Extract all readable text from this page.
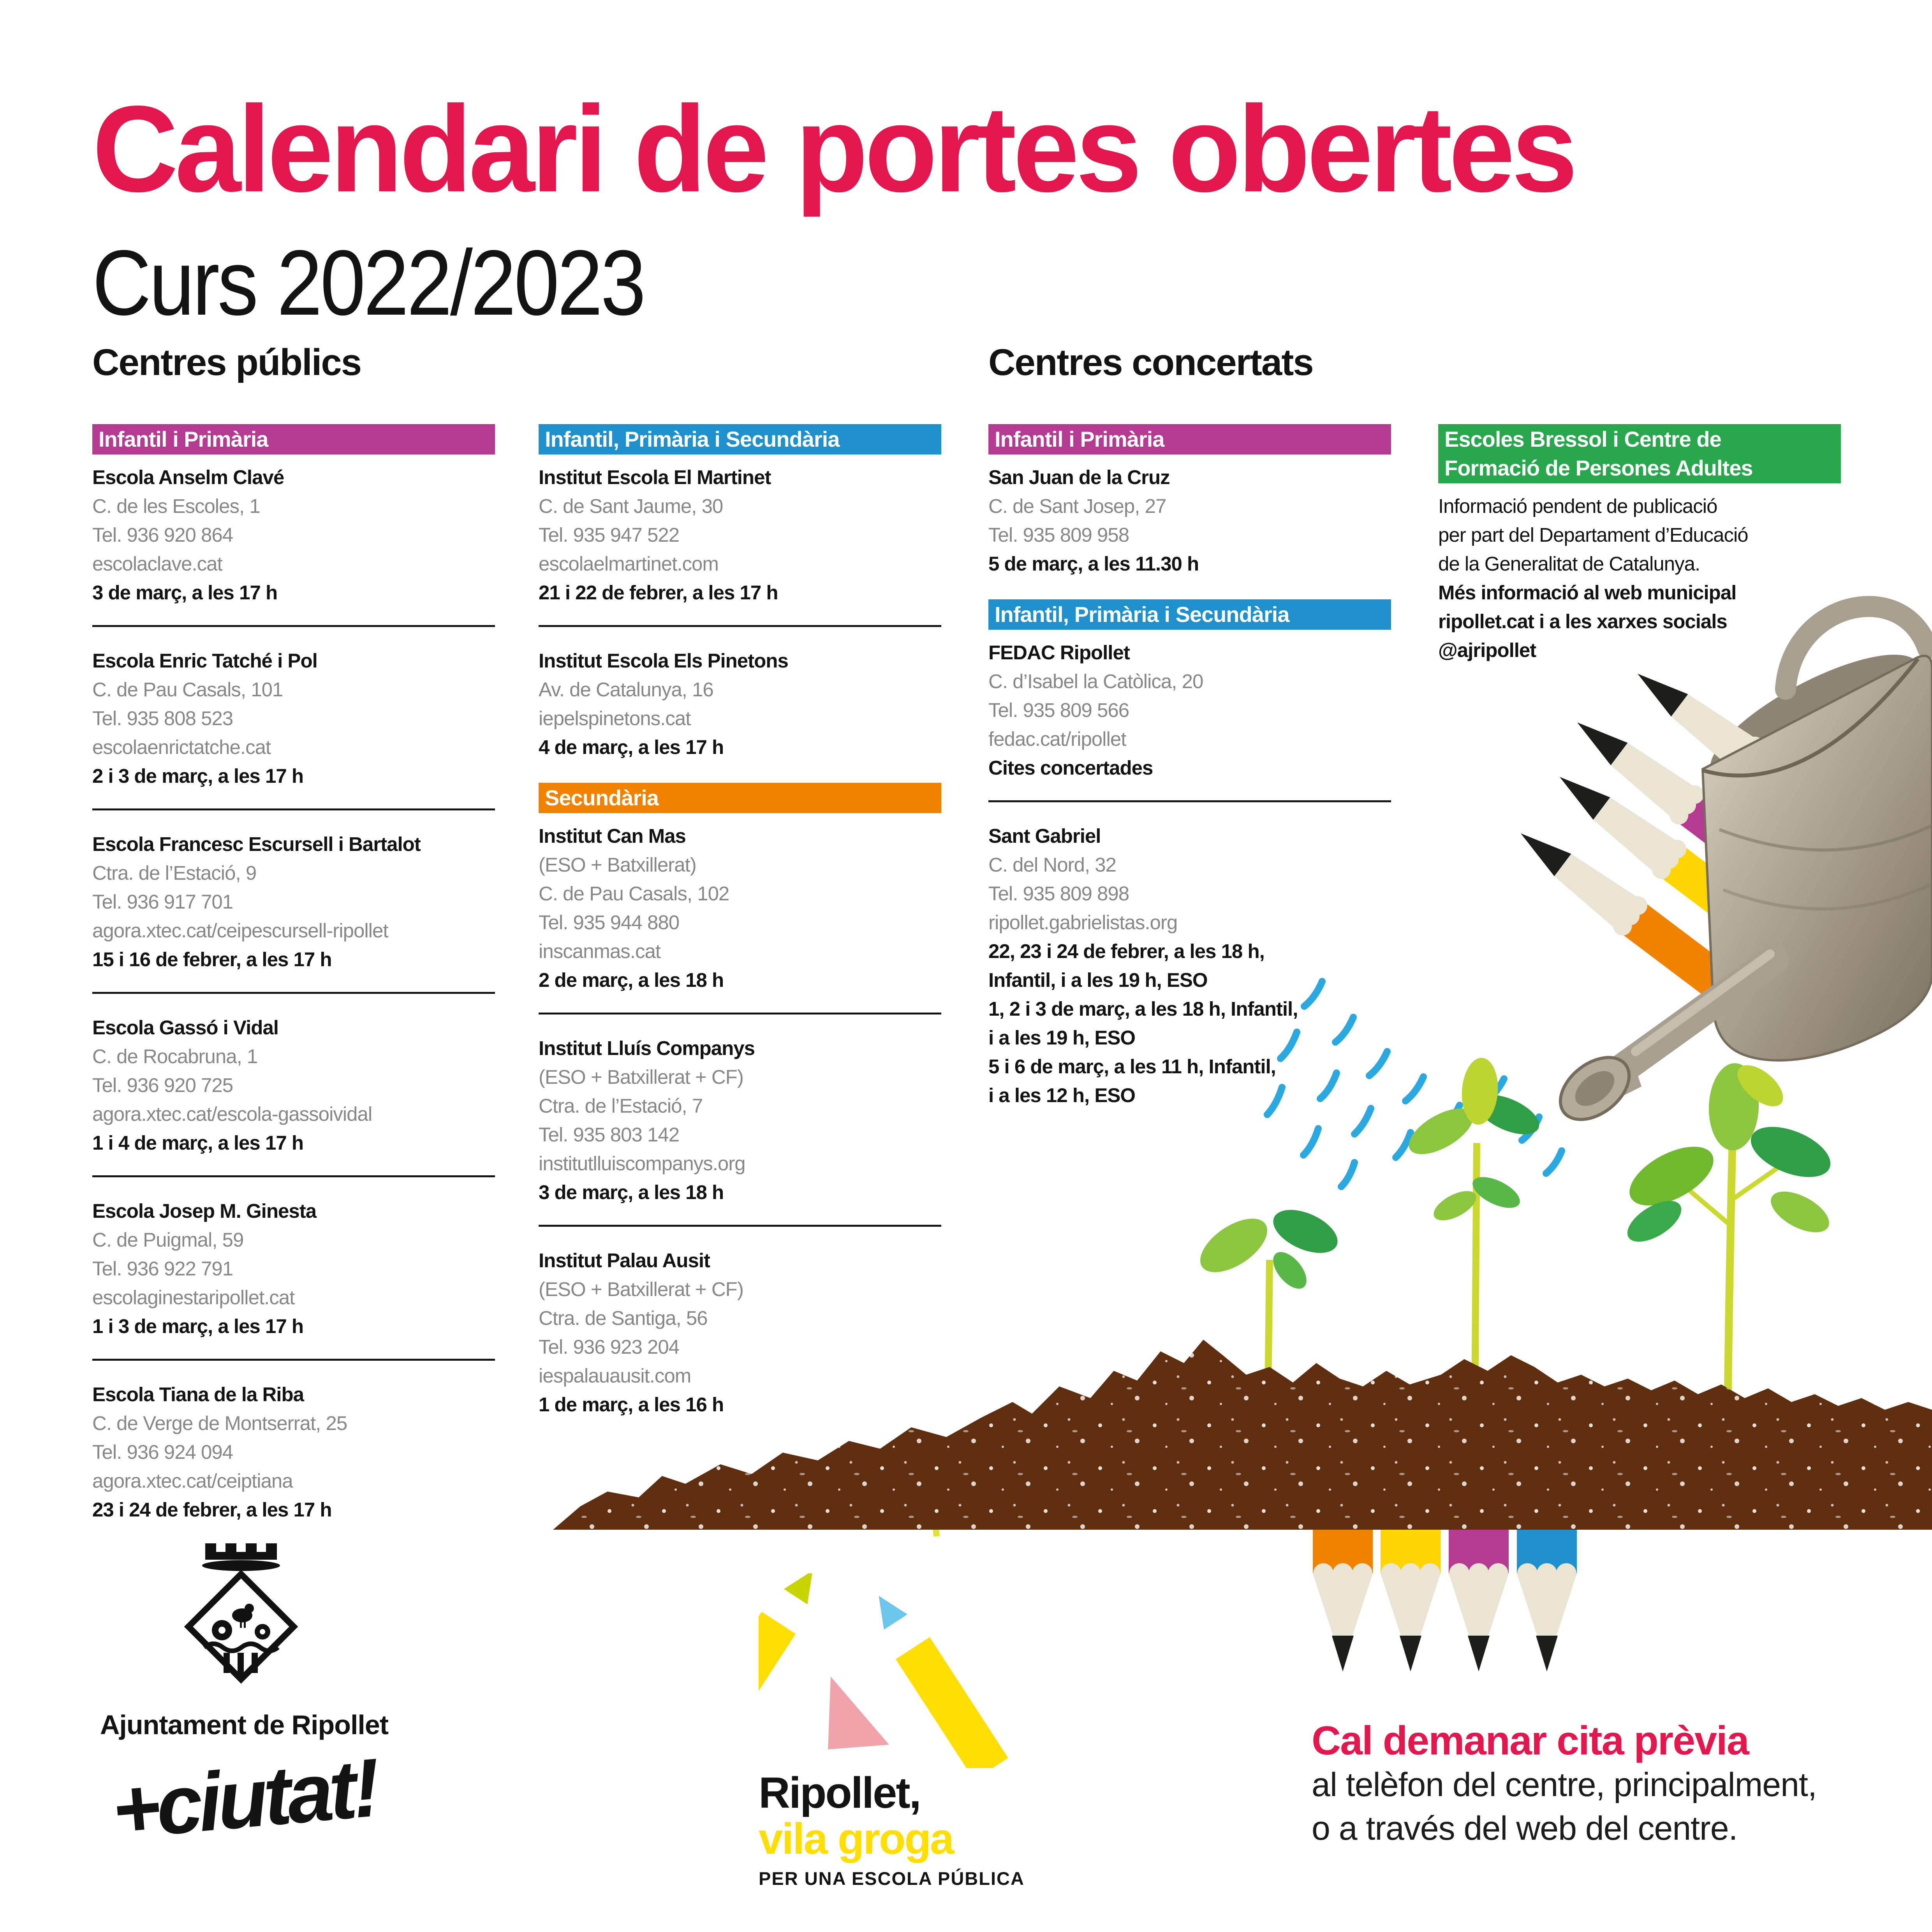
Calendari de portes obertes
Curs 2022/2023
Centres públics	Centres concertats
Infantil i Primària
Escola Anselm Clavé
C. de les Escoles, 1
Tel. 936 920 864
escolaclave.cat
3 de març, a les 17 h
Escola Enric Tatché i Pol
C. de Pau Casals, 101
Tel. 935 808 523
escolaenrictatche.cat
2 i 3 de març, a les 17 h
Escola Francesc Escursell i Bartalot
Ctra. de l’Estació, 9
Tel. 936 917 701
agora.xtec.cat/ceipescursell-ripollet
15 i 16 de febrer, a les 17 h
Escola Gassó i Vidal
C. de Rocabruna, 1
Tel. 936 920 725
agora.xtec.cat/escola-gassoividal
1 i 4 de març, a les 17 h
Escola Josep M. Ginesta
C. de Puigmal, 59
Tel. 936 922 791
escolaginestaripollet.cat
1 i 3 de març, a les 17 h
Escola Tiana de la Riba
C. de Verge de Montserrat, 25
Tel. 936 924 094
agora.xtec.cat/ceiptiana
23 i 24 de febrer, a les 17 h
Infantil, Primària i Secundària
Institut Escola El Martinet
C. de Sant Jaume, 30
Tel. 935 947 522
escolaelmartinet.com
21 i 22 de febrer, a les 17 h
Institut Escola Els Pinetons
Av. de Catalunya, 16
iepelspinetons.cat
4 de març, a les 17 h
Secundària
Institut Can Mas
(ESO + Batxillerat)
C. de Pau Casals, 102
Tel. 935 944 880
inscanmas.cat
2 de març, a les 18 h
Institut Lluís Companys
(ESO + Batxillerat + CF)
Ctra. de l’Estació, 7
Tel. 935 803 142
institutlluiscompanys.org
3 de març, a les 18 h
Institut Palau Ausit
(ESO + Batxillerat + CF)
Ctra. de Santiga, 56
Tel. 936 923 204
iespalauausit.com
1 de març, a les 16 h
Infantil i Primària
San Juan de la Cruz
C. de Sant Josep, 27
Tel. 935 809 958
5 de març, a les 11.30 h
Infantil, Primària i Secundària
FEDAC Ripollet
C. d’Isabel la Catòlica, 20
Tel. 935 809 566
fedac.cat/ripollet
Cites concertades
Sant Gabriel
C. del Nord, 32
Tel. 935 809 898
ripollet.gabrielistas.org
22, 23 i 24 de febrer, a les 18 h,
Infantil, i a les 19 h, ESO
1, 2 i 3 de març, a les 18 h, Infantil,
i a les 19 h, ESO
5 i 6 de març, a les 11 h, Infantil,
i a les 12 h, ESO
Escoles Bressol i Centre de
Formació de Persones Adultes
Informació pendent de publicació
per part del Departament d’Educació
de la Generalitat de Catalunya.
Més informació al web municipal
ripollet.cat i a les xarxes socials
@ajripollet
Ajuntament de Ripollet
+ciutat!	Ripollet,
vila groga
PER UNA ESCOLA PÚBLICA
Cal demanar cita prèvia
al telèfon del centre, principalment,
o a través del web del centre.
